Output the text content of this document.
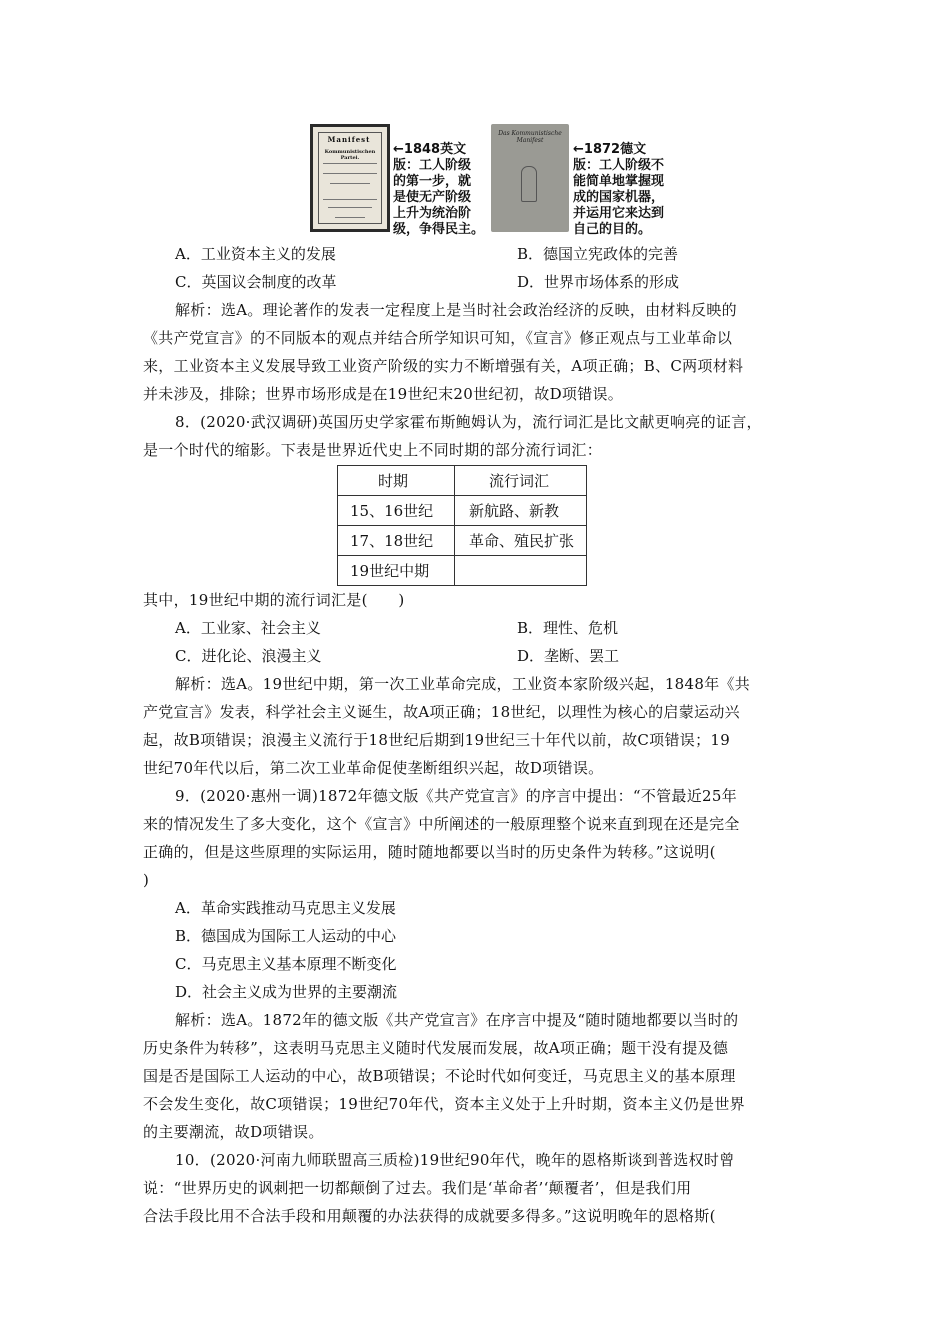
Manifest
Kommunistischen Partei.
←1848英文
版：工人阶级
的第一步，就
是使无产阶级
上升为统治阶
级，争得民主。
Das Kommunistische Manifest
←1872德文
版：工人阶级不
能简单地掌握现
成的国家机器，
并运用它来达到
自己的目的。
A．工业资本主义的发展	B．德国立宪政体的完善
C．英国议会制度的改革	D．世界市场体系的形成
解析：选A。理论著作的发表一定程度上是当时社会政治经济的反映，由材料反映的
《共产党宣言》的不同版本的观点并结合所学知识可知，《宣言》修正观点与工业革命以
来，工业资本主义发展导致工业资产阶级的实力不断增强有关，A项正确；B、C两项材料
并未涉及，排除；世界市场形成是在19世纪末20世纪初，故D项错误。
8．(2020·武汉调研)英国历史学家霍布斯鲍姆认为，流行词汇是比文献更响亮的证言，
是一个时代的缩影。下表是世界近代史上不同时期的部分流行词汇：
时期	流行词汇
15、16世纪	新航路、新教
17、18世纪	革命、殖民扩张
19世纪中期	
其中，19世纪中期的流行词汇是(　　)
A．工业家、社会主义	B．理性、危机
C．进化论、浪漫主义	D．垄断、罢工
解析：选A。19世纪中期，第一次工业革命完成，工业资本家阶级兴起，1848年《共
产党宣言》发表，科学社会主义诞生，故A项正确；18世纪，以理性为核心的启蒙运动兴
起，故B项错误；浪漫主义流行于18世纪后期到19世纪三十年代以前，故C项错误；19
世纪70年代以后，第二次工业革命促使垄断组织兴起，故D项错误。
9．(2020·惠州一调)1872年德文版《共产党宣言》的序言中提出：“不管最近25年
来的情况发生了多大变化，这个《宣言》中所阐述的一般原理整个说来直到现在还是完全
正确的，但是这些原理的实际运用，随时随地都要以当时的历史条件为转移。”这说明(
)
A．革命实践推动马克思主义发展
B．德国成为国际工人运动的中心
C．马克思主义基本原理不断变化
D．社会主义成为世界的主要潮流
解析：选A。1872年的德文版《共产党宣言》在序言中提及“随时随地都要以当时的
历史条件为转移”，这表明马克思主义随时代发展而发展，故A项正确；题干没有提及德
国是否是国际工人运动的中心，故B项错误；不论时代如何变迁，马克思主义的基本原理
不会发生变化，故C项错误；19世纪70年代，资本主义处于上升时期，资本主义仍是世界
的主要潮流，故D项错误。
10．(2020·河南九师联盟高三质检)19世纪90年代，晚年的恩格斯谈到普选权时曾
说：“世界历史的讽刺把一切都颠倒了过去。我们是‘革命者’‘颠覆者’，但是我们用
合法手段比用不合法手段和用颠覆的办法获得的成就要多得多。”这说明晚年的恩格斯(
